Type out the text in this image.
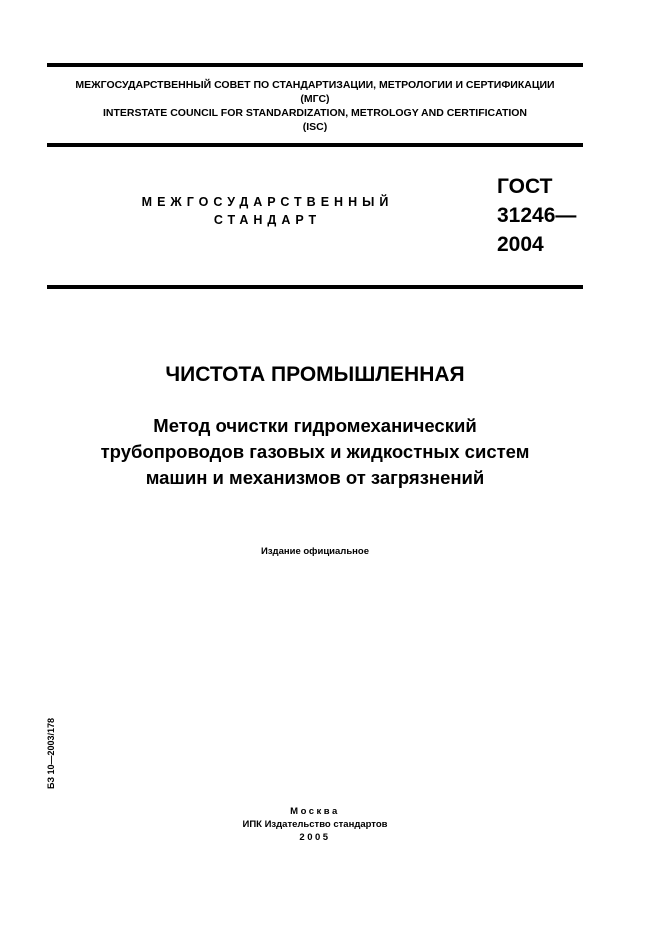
МЕЖГОСУДАРСТВЕННЫЙ СОВЕТ ПО СТАНДАРТИЗАЦИИ, МЕТРОЛОГИИ И СЕРТИФИКАЦИИ
(МГС)
INTERSTATE COUNCIL FOR STANDARDIZATION, METROLOGY AND CERTIFICATION
(ISC)
МЕЖГОСУДАРСТВЕННЫЙ
СТАНДАРТ
ГОСТ
31246—
2004
ЧИСТОТА ПРОМЫШЛЕННАЯ
Метод очистки гидромеханический
трубопроводов газовых и жидкостных систем
машин и механизмов от загрязнений
Издание официальное
БЗ 10—2003/178
Москва
ИПК Издательство стандартов
2005
